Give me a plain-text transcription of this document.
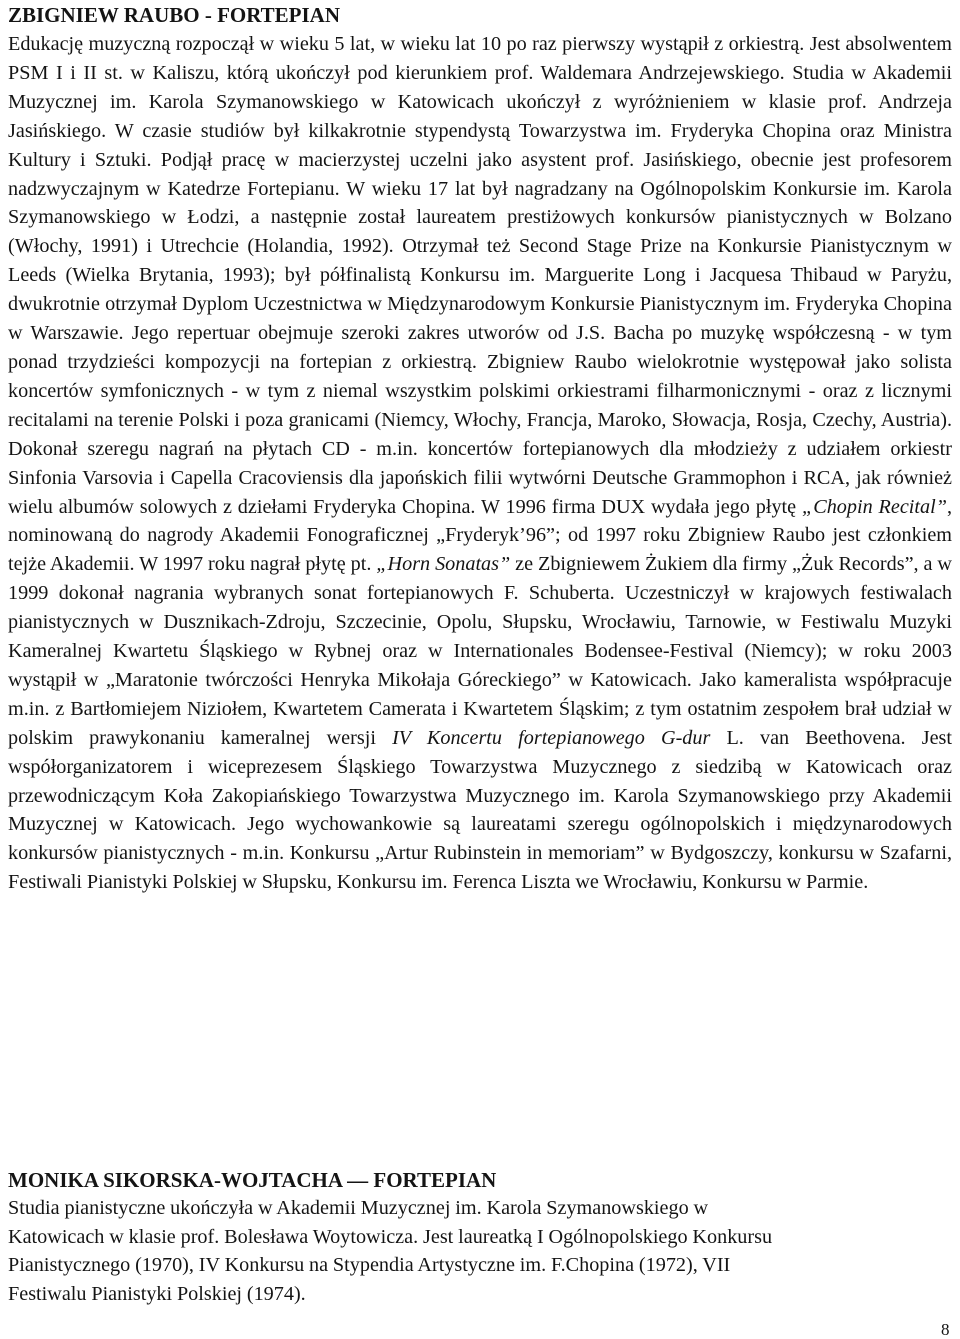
ZBIGNIEW RAUBO - FORTEPIAN

Edukację muzyczną rozpoczął w wieku 5 lat, w wieku lat 10 po raz pierwszy wystąpił z orkiestrą. Jest absolwentem PSM I i II st. w Kaliszu, którą ukończył pod kierunkiem prof. Waldemara Andrzejewskiego. Studia w Akademii Muzycznej im. Karola Szymanowskiego w Katowicach ukończył z wyróżnieniem w klasie prof. Andrzeja Jasińskiego. W czasie studiów był kilkakrotnie stypendystą Towarzystwa im. Fryderyka Chopina oraz Ministra Kultury i Sztuki. Podjął pracę w macierzystej uczelni jako asystent prof. Jasińskiego, obecnie jest profesorem nadzwyczajnym w Katedrze Fortepianu. W wieku 17 lat był nagradzany na Ogólnopolskim Konkursie im. Karola Szymanowskiego w Łodzi, a następnie został laureatem prestiżowych konkursów pianistycznych w Bolzano (Włochy, 1991) i Utrechcie (Holandia, 1992). Otrzymał też Second Stage Prize na Konkursie Pianistycznym w Leeds (Wielka Brytania, 1993); był półfinalistą Konkursu im. Marguerite Long i Jacquesa Thibaud w Paryżu, dwukrotnie otrzymał Dyplom Uczestnictwa w Międzynarodowym Konkursie Pianistycznym im. Fryderyka Chopina w Warszawie. Jego repertuar obejmuje szeroki zakres utworów od J.S. Bacha po muzykę współczesną - w tym ponad trzydzieści kompozycji na fortepian z orkiestrą. Zbigniew Raubo wielokrotnie występował jako solista koncertów symfonicznych - w tym z niemal wszystkim polskimi orkiestrami filharmonicznymi - oraz z licznymi recitalami na terenie Polski i poza granicami (Niemcy, Włochy, Francja, Maroko, Słowacja, Rosja, Czechy, Austria). Dokonał szeregu nagrań na płytach CD - m.in. koncertów fortepianowych dla młodzieży z udziałem orkiestr Sinfonia Varsovia i Capella Cracoviensis dla japońskich filii wytwórni Deutsche Grammophon i RCA, jak również wielu albumów solowych z dziełami Fryderyka Chopina. W 1996 firma DUX wydała jego płytę „Chopin Recital”, nominowaną do nagrody Akademii Fonograficznej „Fryderyk’96”; od 1997 roku Zbigniew Raubo jest członkiem tejże Akademii. W 1997 roku nagrał płytę pt. „Horn Sonatas” ze Zbigniewem Żukiem dla firmy „Żuk Records”, a w 1999 dokonał nagrania wybranych sonat fortepianowych F. Schuberta. Uczestniczył w krajowych festiwalach pianistycznych w Dusznikach-Zdroju, Szczecinie, Opolu, Słupsku, Wrocławiu, Tarnowie, w Festiwalu Muzyki Kameralnej Kwartetu Śląskiego w Rybnej oraz w Internationales Bodensee-Festival (Niemcy); w roku 2003 wystąpił w „Maratonie twórczości Henryka Mikołaja Góreckiego” w Katowicach. Jako kameralista współpracuje m.in. z Bartłomiejem Niziołem, Kwartetem Camerata i Kwartetem Śląskim; z tym ostatnim zespołem brał udział w polskim prawykonaniu kameralnej wersji IV Koncertu fortepianowego G-dur L. van Beethovena. Jest współorganizatorem i wiceprezesem Śląskiego Towarzystwa Muzycznego z siedzibą w Katowicach oraz przewodniczącym Koła Zakopiańskiego Towarzystwa Muzycznego im. Karola Szymanowskiego przy Akademii Muzycznej w Katowicach. Jego wychowankowie są laureatami szeregu ogólnopolskich i międzynarodowych konkursów pianistycznych - m.in. Konkursu „Artur Rubinstein in memoriam” w Bydgoszczy, konkursu w Szafarni, Festiwali Pianistyki Polskiej w Słupsku, Konkursu im. Ferenca Liszta we Wrocławiu, Konkursu w Parmie.

MONIKA SIKORSKA-WOJTACHA — FORTEPIAN

Studia pianistyczne ukończyła w Akademii Muzycznej im. Karola Szymanowskiego w
Katowicach w klasie prof. Bolesława Woytowicza. Jest laureatką I Ogólnopolskiego Konkursu
Pianistycznego (1970), IV Konkursu na Stypendia Artystyczne im. F.Chopina (1972), VII
Festiwalu Pianistyki Polskiej (1974).

8
